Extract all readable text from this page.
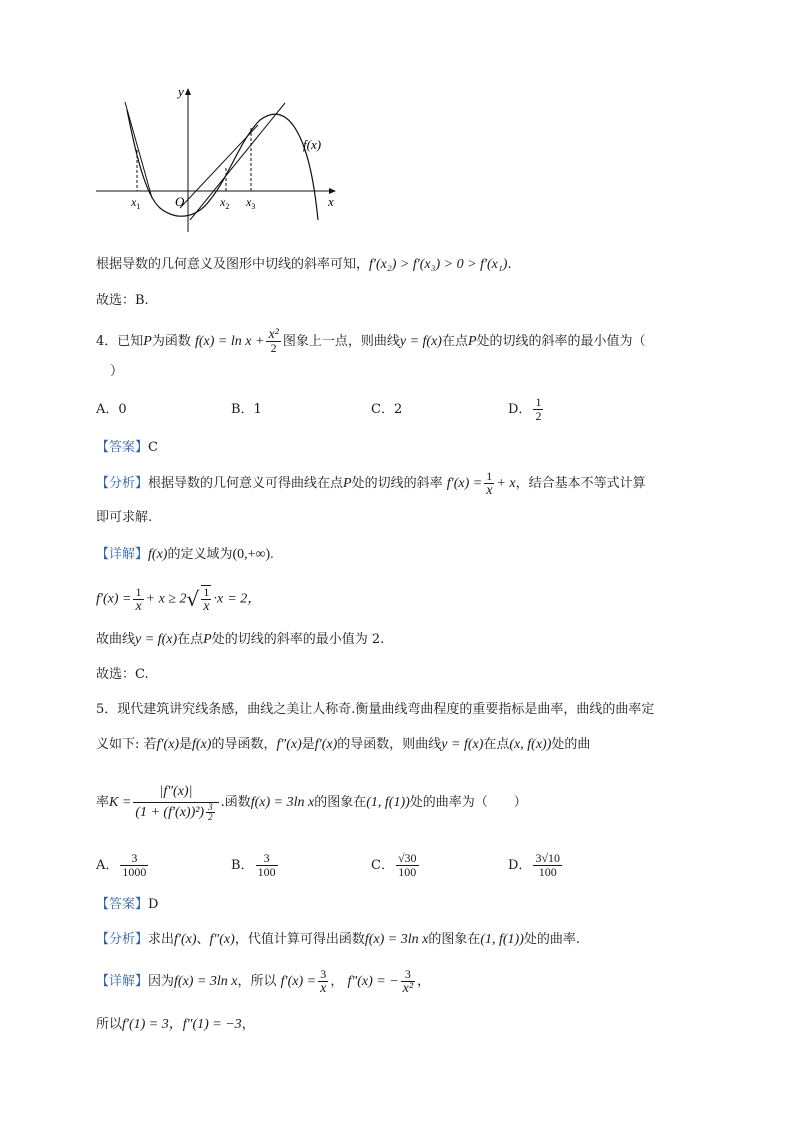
y
x
O
f(x)
$x_1$	$x_2$ $x_3$
根据导数的几何意义及图形中切线的斜率可知，f′(x₂) > f′(x₃) > 0 > f′(x₁).
故选：B.
4．已知P为函数 $f(x) = \ln x + \frac{\text{x²}}{2}$ 图象上一点，则曲线y = f(x)在点P处的切线的斜率的最小值为（
）
A．0	B．1	C．2	D． $\frac{1}{2}$
【答案】C
【分析】根据导数的几何意义可得曲线在点P处的切线的斜率 $f'(x) = \frac{1}{x} + x$，结合基本不等式计算
即可求解.
【详解】f(x)的定义域为(0,+∞).
$f'(x) = \frac{1}{x} + x \ge 2√ \frac{1}{x} \cdot x = 2$，
故曲线y = f(x)在点P处的切线的斜率的最小值为 2.
故选：C.
5．现代建筑讲究线条感，曲线之美让人称奇.衡量曲线弯曲程度的重要指标是曲率，曲线的曲率定
义如下: 若f′(x)是f(x)的导函数，f″(x)是f′(x)的导函数，则曲线y = f(x)在点(x, f(x))处的曲
率$K = \frac{|f''(x)|}{(1 + (f'(x))^2) \frac{3}{2}}$ .函数f(x) = 3ln x的图象在(1, f(1))处的曲率为（　　）
A． $\frac{3}{1000}$	B． $\frac{3}{100}$	C． $\frac{√30}{100}$	D． $\frac{3√10}{100}$
【答案】D
【分析】求出f′(x)、f″(x)，代值计算可得出函数f(x) = 3ln x的图象在(1, f(1))处的曲率.
【详解】因为f(x) = 3ln x，所以 $f'(x) = \frac{3}{x}$ ， f″(x) = − $\frac{3}{\text{x²}}$ ，
所以f′(1) = 3，f″(1) = −3，
